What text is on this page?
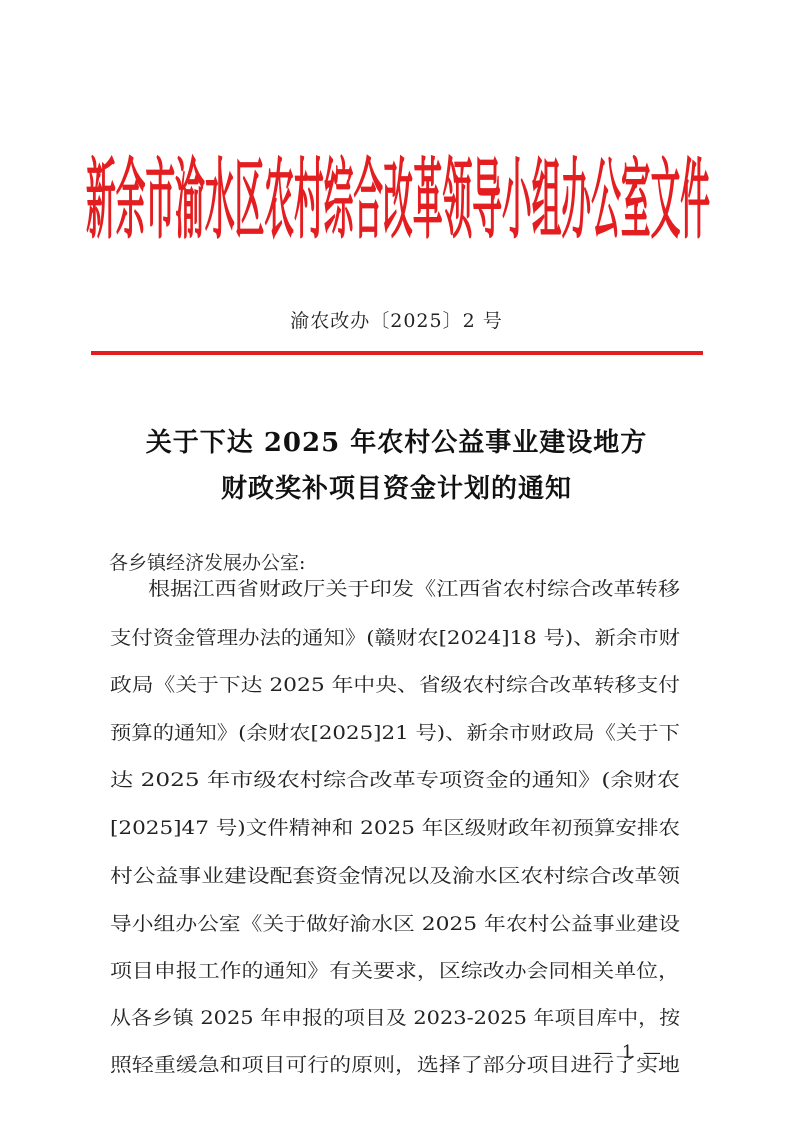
新余市渝水区农村综合改革领导小组办公室文件
渝农改办〔2025〕2 号
关于下达 2025 年农村公益事业建设地方
财政奖补项目资金计划的通知
各乡镇经济发展办公室:
根据江西省财政厅关于印发《江西省农村综合改革转移
支付资金管理办法的通知》(赣财农[2024]18 号)、新余市财
政局《关于下达 2025 年中央、省级农村综合改革转移支付
预算的通知》(余财农[2025]21 号)、新余市财政局《关于下
达 2025 年市级农村综合改革专项资金的通知》(余财农
[2025]47 号)文件精神和 2025 年区级财政年初预算安排农
村公益事业建设配套资金情况以及渝水区农村综合改革领
导小组办公室《关于做好渝水区 2025 年农村公益事业建设
项目申报工作的通知》有关要求，区综改办会同相关单位，
从各乡镇 2025 年申报的项目及 2023-2025 年项目库中，按
照轻重缓急和项目可行的原则，选择了部分项目进行了实地
— 1 —
